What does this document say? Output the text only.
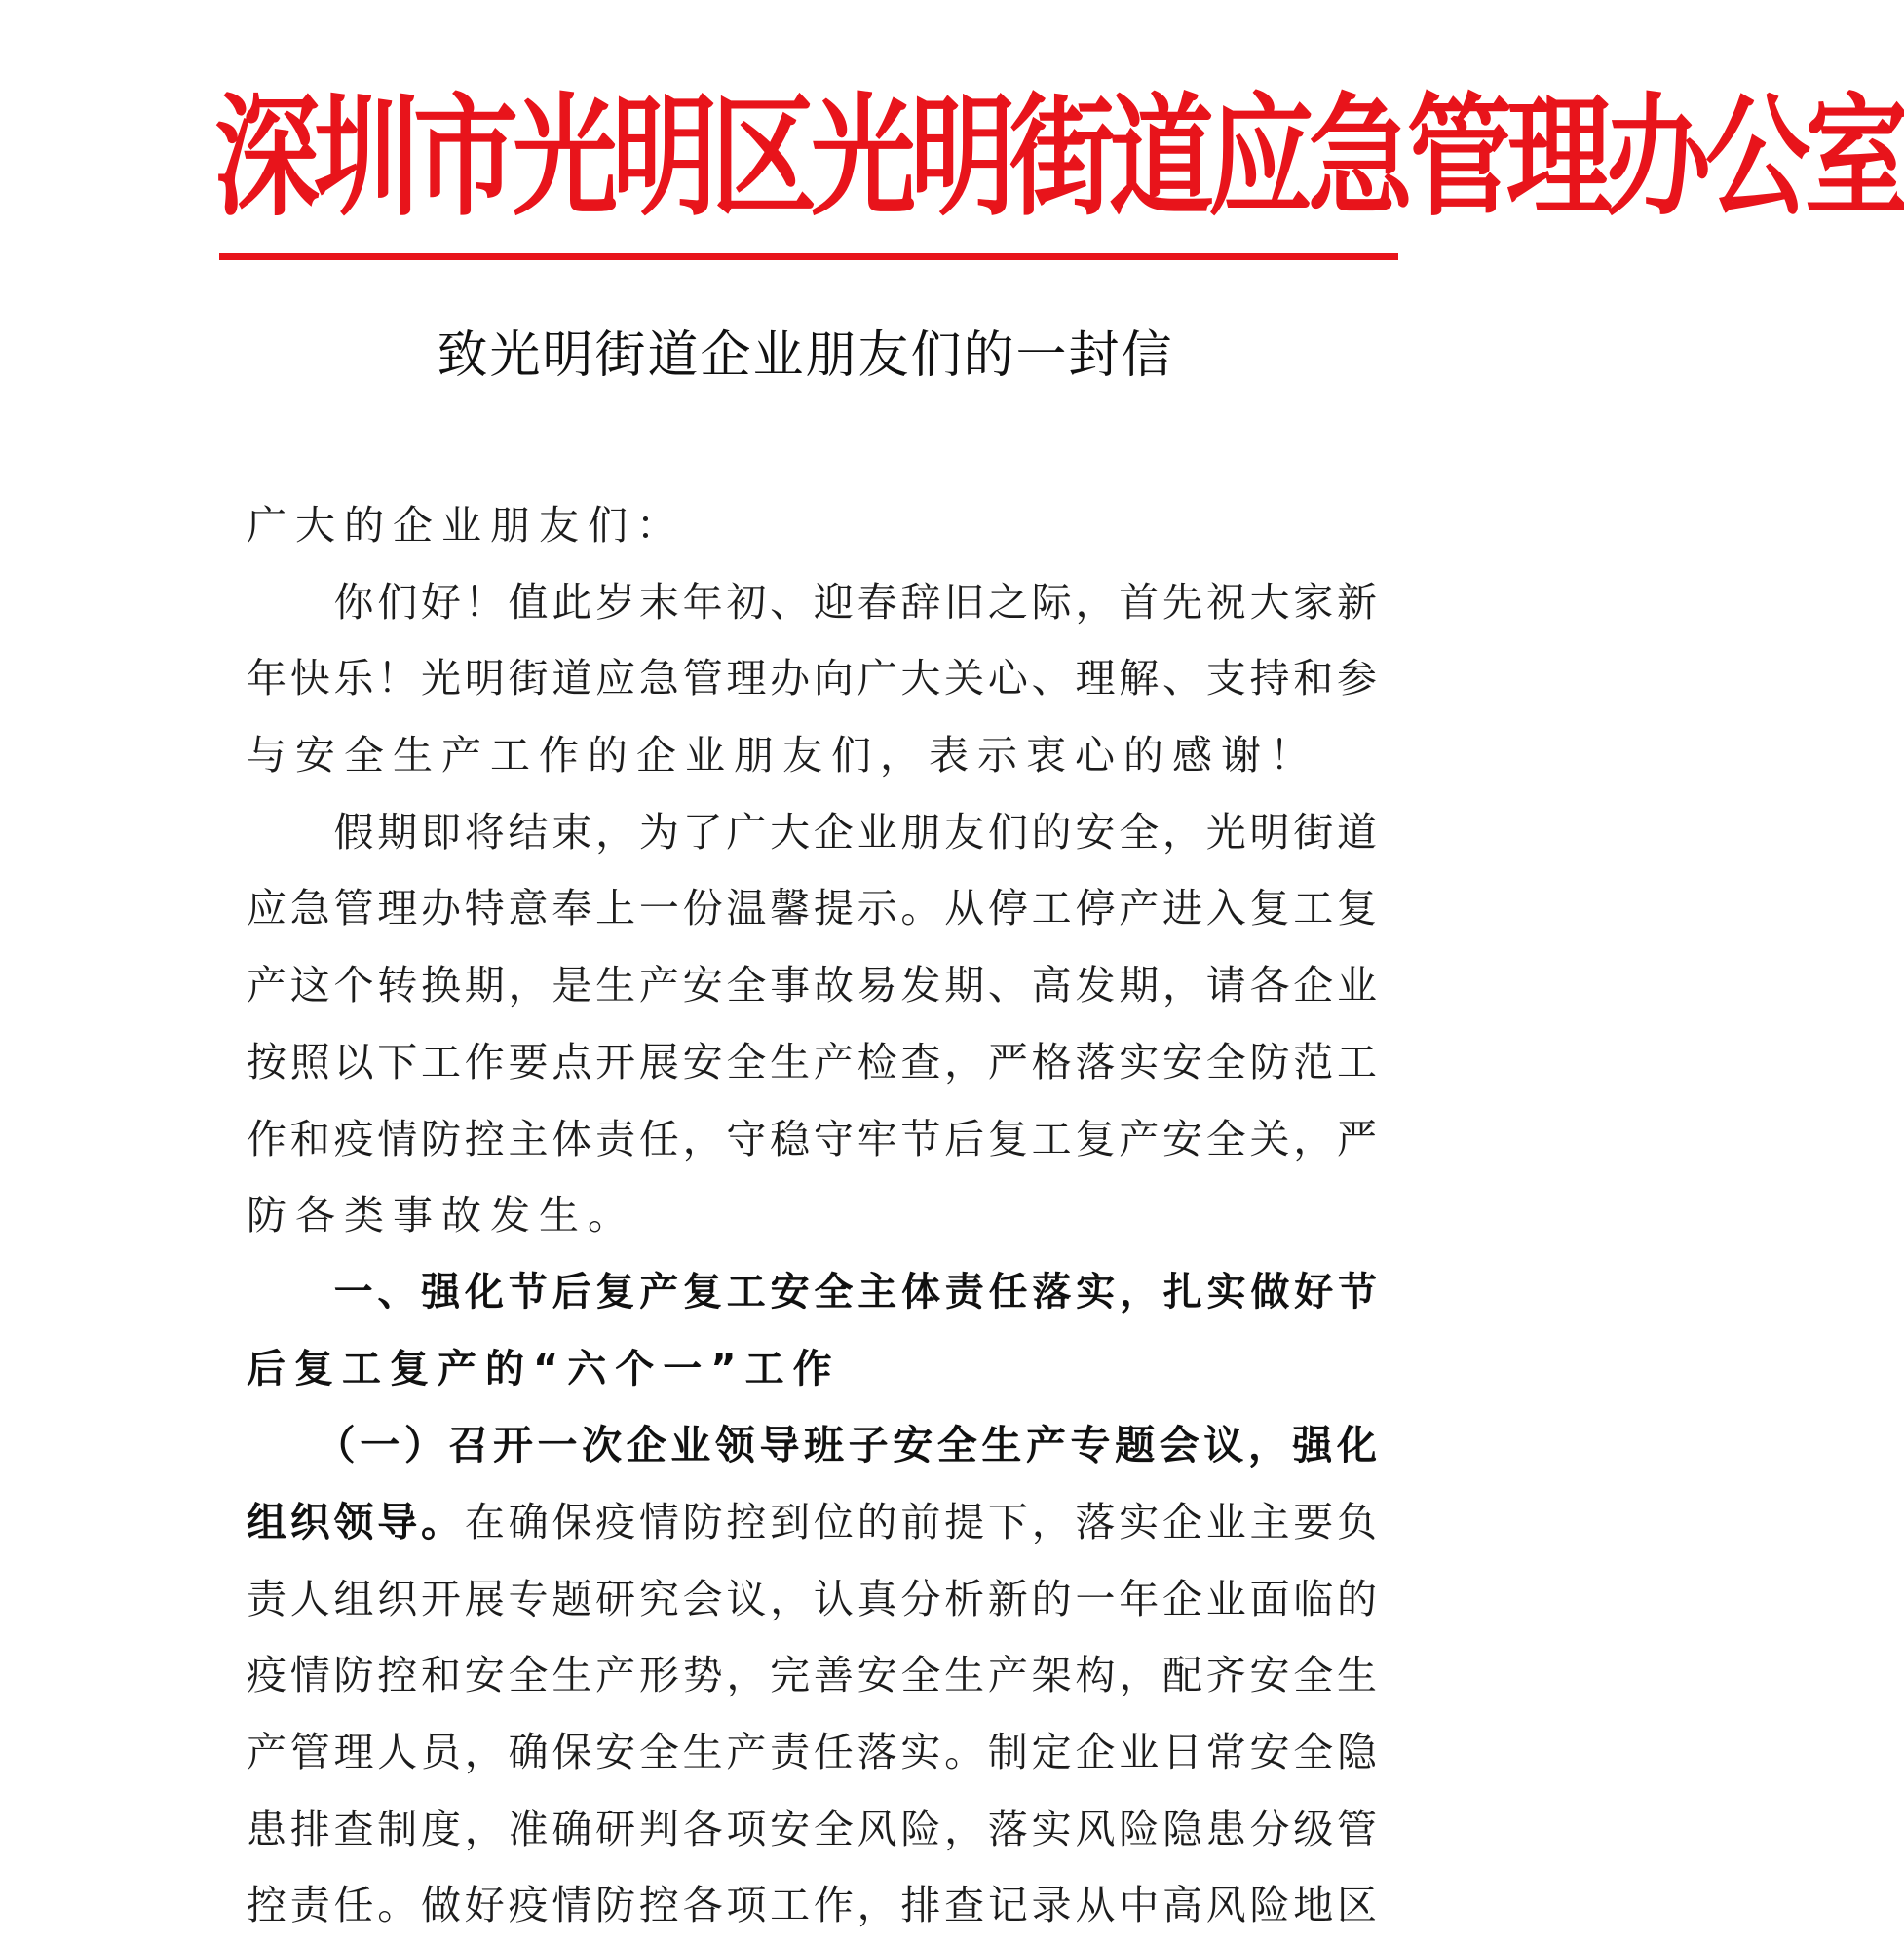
深圳市光明区光明街道应急管理办公室
致光明街道企业朋友们的一封信
广大的企业朋友们：
　　你们好！值此岁末年初、迎春辞旧之际，首先祝大家新
年快乐！光明街道应急管理办向广大关心、理解、支持和参
与安全生产工作的企业朋友们，表示衷心的感谢！
　　假期即将结束，为了广大企业朋友们的安全，光明街道
应急管理办特意奉上一份温馨提示。从停工停产进入复工复
产这个转换期，是生产安全事故易发期、高发期，请各企业
按照以下工作要点开展安全生产检查，严格落实安全防范工
作和疫情防控主体责任，守稳守牢节后复工复产安全关，严
防各类事故发生。
　　一、强化节后复产复工安全主体责任落实，扎实做好节
后复工复产的“六个一”工作
　　（一）召开一次企业领导班子安全生产专题会议，强化
组织领导。在确保疫情防控到位的前提下，落实企业主要负
责人组织开展专题研究会议，认真分析新的一年企业面临的
疫情防控和安全生产形势，完善安全生产架构，配齐安全生
产管理人员，确保安全生产责任落实。制定企业日常安全隐
患排查制度，准确研判各项安全风险，落实风险隐患分级管
控责任。做好疫情防控各项工作，排查记录从中高风险地区
